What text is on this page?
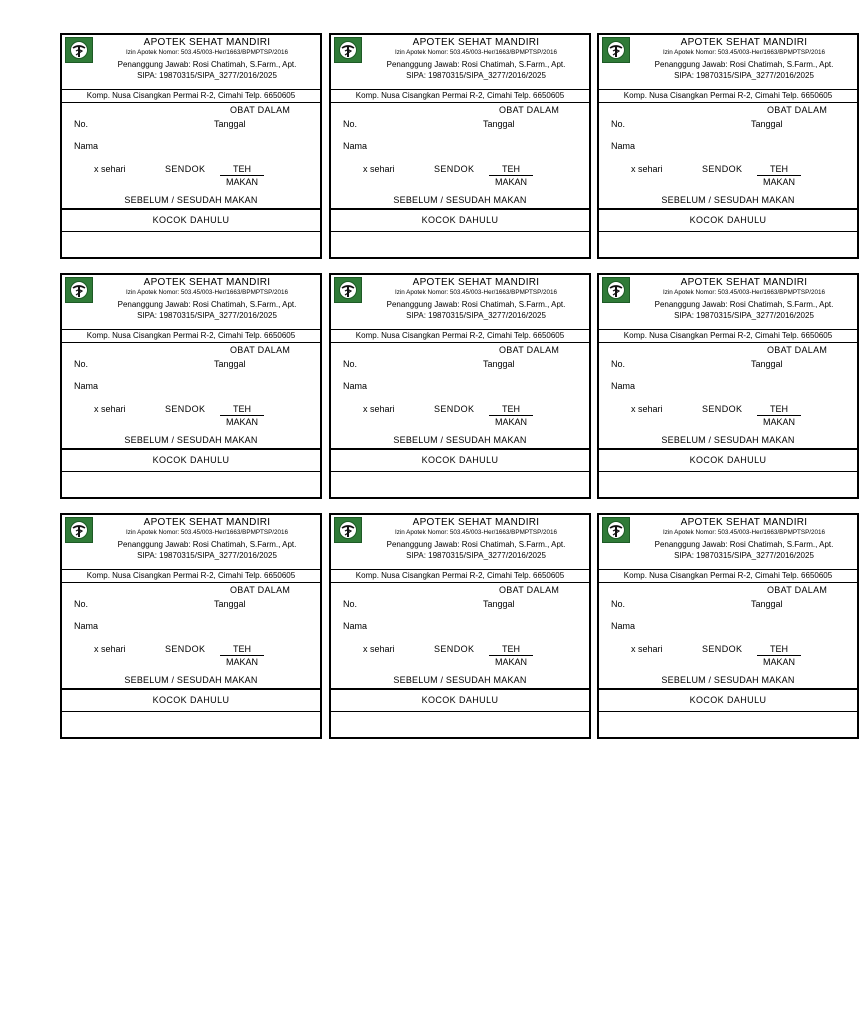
APOTEK SEHAT MANDIRI
Izin Apotek Nomor: 503.45/003-Her/1663/BPMPTSP/2016
Penanggung Jawab: Rosi Chatimah, S.Farm., Apt.
SIPA: 19870315/SIPA_3277/2016/2025
Komp. Nusa Cisangkan Permai R-2, Cimahi Telp. 6650605
OBAT DALAM
No.	Tanggal
Nama
x sehari	SENDOK	TEH
MAKAN
SEBELUM / SESUDAH MAKAN
KOCOK DAHULU
APOTEK SEHAT MANDIRI
Izin Apotek Nomor: 503.45/003-Her/1663/BPMPTSP/2016
Penanggung Jawab: Rosi Chatimah, S.Farm., Apt.
SIPA: 19870315/SIPA_3277/2016/2025
Komp. Nusa Cisangkan Permai R-2, Cimahi Telp. 6650605
OBAT DALAM
No.	Tanggal
Nama
x sehari	SENDOK	TEH
MAKAN
SEBELUM / SESUDAH MAKAN
KOCOK DAHULU
APOTEK SEHAT MANDIRI
Izin Apotek Nomor: 503.45/003-Her/1663/BPMPTSP/2016
Penanggung Jawab: Rosi Chatimah, S.Farm., Apt.
SIPA: 19870315/SIPA_3277/2016/2025
Komp. Nusa Cisangkan Permai R-2, Cimahi Telp. 6650605
OBAT DALAM
No.	Tanggal
Nama
x sehari	SENDOK	TEH
MAKAN
SEBELUM / SESUDAH MAKAN
KOCOK DAHULU
APOTEK SEHAT MANDIRI
Izin Apotek Nomor: 503.45/003-Her/1663/BPMPTSP/2016
Penanggung Jawab: Rosi Chatimah, S.Farm., Apt.
SIPA: 19870315/SIPA_3277/2016/2025
Komp. Nusa Cisangkan Permai R-2, Cimahi Telp. 6650605
OBAT DALAM
No.	Tanggal
Nama
x sehari	SENDOK	TEH
MAKAN
SEBELUM / SESUDAH MAKAN
KOCOK DAHULU
APOTEK SEHAT MANDIRI
Izin Apotek Nomor: 503.45/003-Her/1663/BPMPTSP/2016
Penanggung Jawab: Rosi Chatimah, S.Farm., Apt.
SIPA: 19870315/SIPA_3277/2016/2025
Komp. Nusa Cisangkan Permai R-2, Cimahi Telp. 6650605
OBAT DALAM
No.	Tanggal
Nama
x sehari	SENDOK	TEH
MAKAN
SEBELUM / SESUDAH MAKAN
KOCOK DAHULU
APOTEK SEHAT MANDIRI
Izin Apotek Nomor: 503.45/003-Her/1663/BPMPTSP/2016
Penanggung Jawab: Rosi Chatimah, S.Farm., Apt.
SIPA: 19870315/SIPA_3277/2016/2025
Komp. Nusa Cisangkan Permai R-2, Cimahi Telp. 6650605
OBAT DALAM
No.	Tanggal
Nama
x sehari	SENDOK	TEH
MAKAN
SEBELUM / SESUDAH MAKAN
KOCOK DAHULU
APOTEK SEHAT MANDIRI
Izin Apotek Nomor: 503.45/003-Her/1663/BPMPTSP/2016
Penanggung Jawab: Rosi Chatimah, S.Farm., Apt.
SIPA: 19870315/SIPA_3277/2016/2025
Komp. Nusa Cisangkan Permai R-2, Cimahi Telp. 6650605
OBAT DALAM
No.	Tanggal
Nama
x sehari	SENDOK	TEH
MAKAN
SEBELUM / SESUDAH MAKAN
KOCOK DAHULU
APOTEK SEHAT MANDIRI
Izin Apotek Nomor: 503.45/003-Her/1663/BPMPTSP/2016
Penanggung Jawab: Rosi Chatimah, S.Farm., Apt.
SIPA: 19870315/SIPA_3277/2016/2025
Komp. Nusa Cisangkan Permai R-2, Cimahi Telp. 6650605
OBAT DALAM
No.	Tanggal
Nama
x sehari	SENDOK	TEH
MAKAN
SEBELUM / SESUDAH MAKAN
KOCOK DAHULU
APOTEK SEHAT MANDIRI
Izin Apotek Nomor: 503.45/003-Her/1663/BPMPTSP/2016
Penanggung Jawab: Rosi Chatimah, S.Farm., Apt.
SIPA: 19870315/SIPA_3277/2016/2025
Komp. Nusa Cisangkan Permai R-2, Cimahi Telp. 6650605
OBAT DALAM
No.	Tanggal
Nama
x sehari	SENDOK	TEH
MAKAN
SEBELUM / SESUDAH MAKAN
KOCOK DAHULU
